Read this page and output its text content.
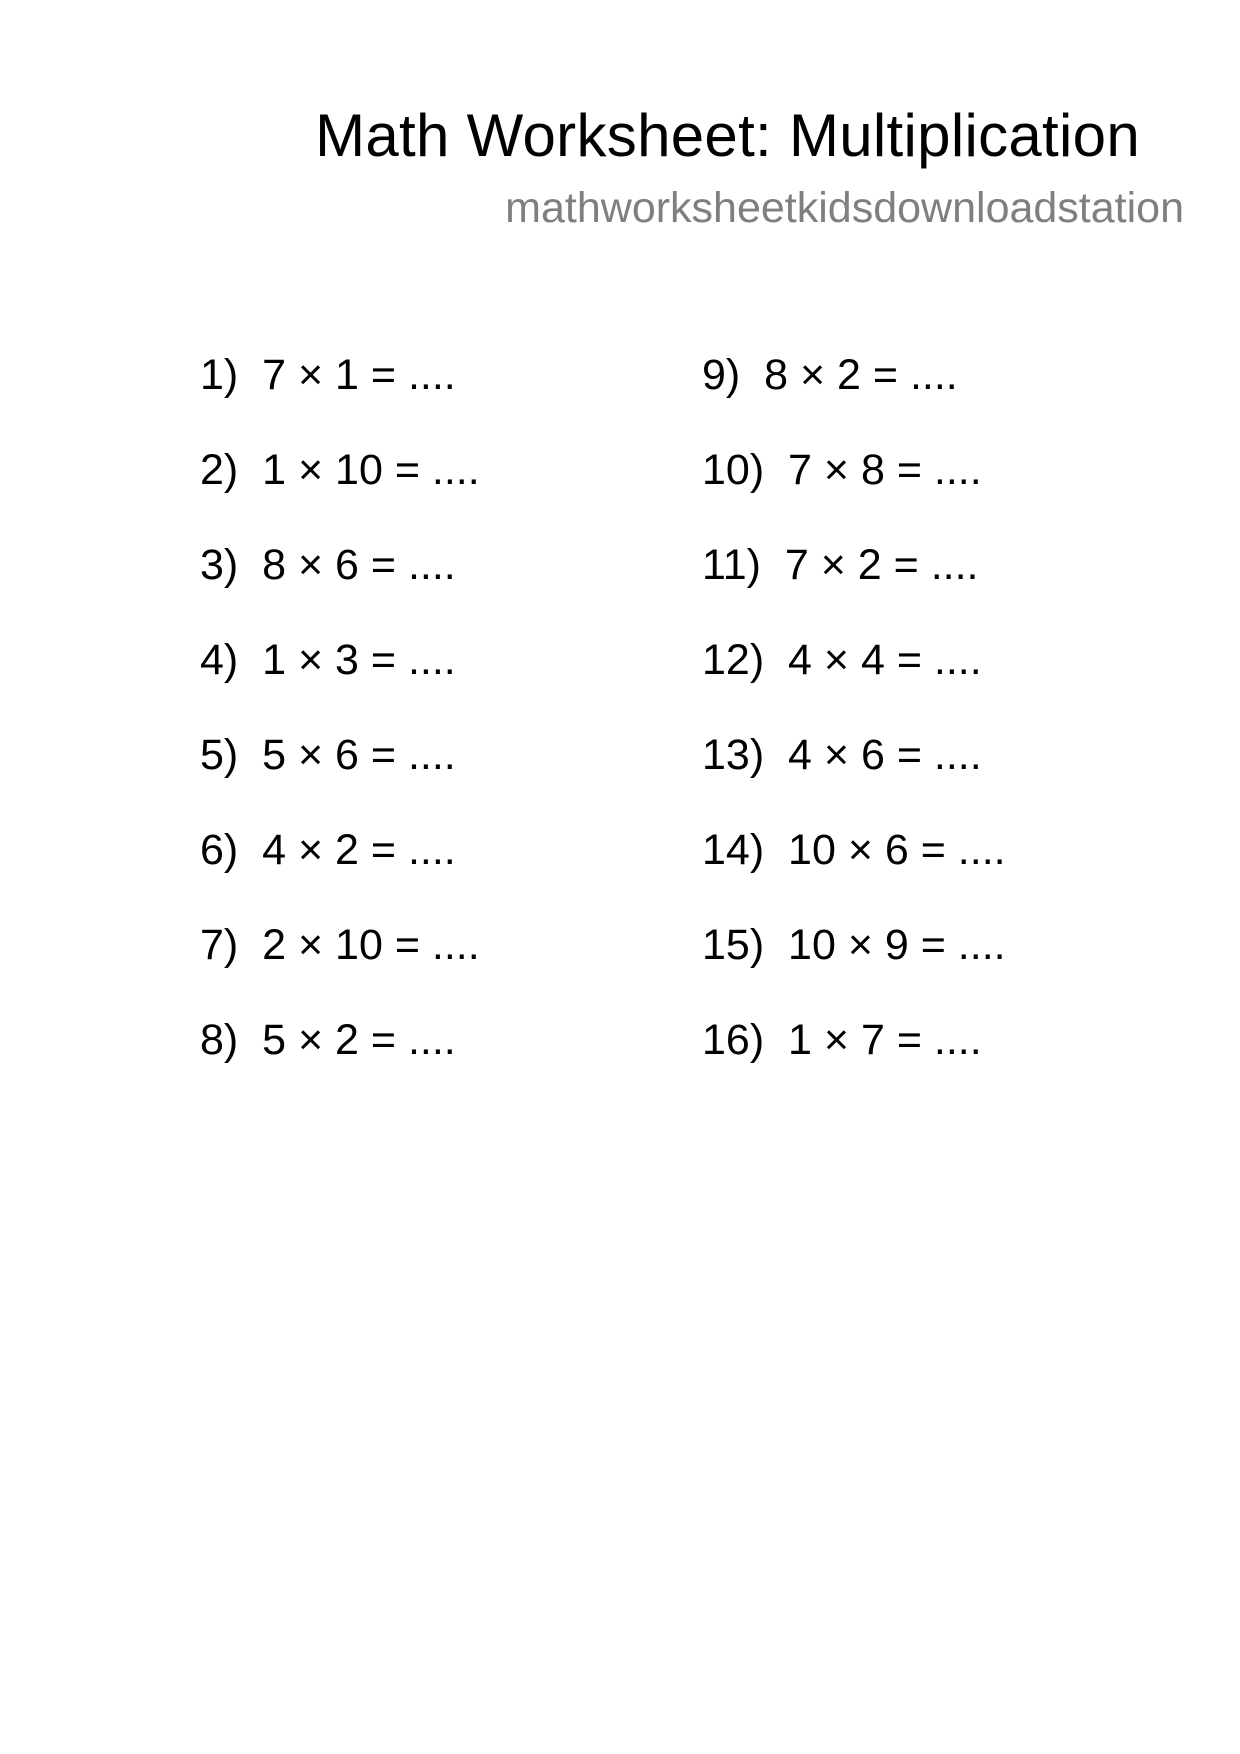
Math Worksheet: Multiplication
mathworksheetkidsdownloadstation
1)  7 × 1 = ....
2)  1 × 10 = ....
3)  8 × 6 = ....
4)  1 × 3 = ....
5)  5 × 6 = ....
6)  4 × 2 = ....
7)  2 × 10 = ....
8)  5 × 2 = ....
9)  8 × 2 = ....
10)  7 × 8 = ....
11)  7 × 2 = ....
12)  4 × 4 = ....
13)  4 × 6 = ....
14)  10 × 6 = ....
15)  10 × 9 = ....
16)  1 × 7 = ....
